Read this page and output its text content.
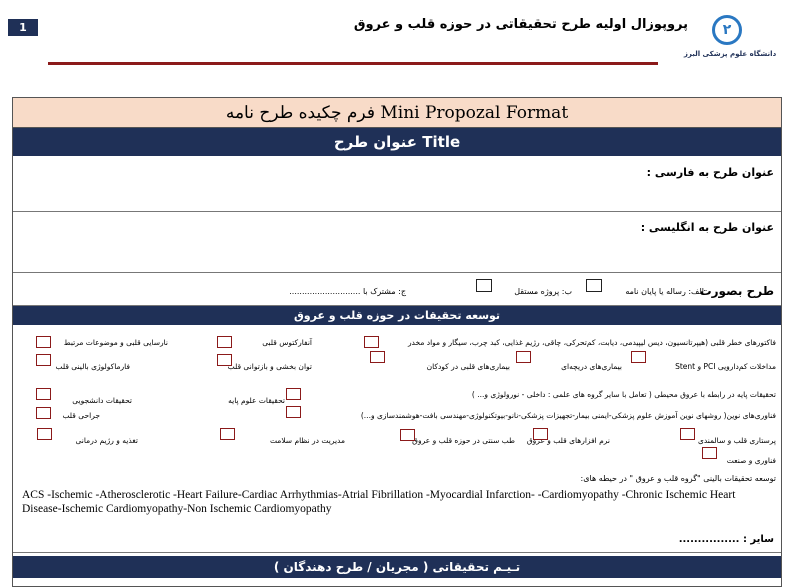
1	پروپوزال اولیه طرح تحقیقاتی در حوزه قلب و عروق	۲
دانشگاه علوم پزشکی البرز
فرم چکیده طرح نامه Mini Propozal Format
عنوان طرح Title
عنوان طرح به فارسی :
عنوان طرح به انگلیسی :
طرح بصورت
الف: رساله یا پایان نامه
ب: پروژه مستقل
ج: مشترک با ............................
توسعه تحقیقات در حوزه قلب و عروق
فاکتورهای خطر قلبی (هیپرتانسیون، دیس لیپیدمی، دیابت، کم‌تحرکی، چاقی، رژیم غذایی، کبد چرب، سیگار و مواد مخدر
آنفارکتوس قلبی
نارسایی قلبی و موضوعات مرتبط
مداخلات کم‌دارویی PCI و Stent
بیماری‌های دریچه‌ای
بیماری‌های قلبی در کودکان
توان بخشی و بازتوانی قلب
فارماکولوژی بالینی قلب
تحقیقات پایه در رابطه با عروق محیطی ( تعامل با سایر گروه های علمی : داخلی - نورولوژی و... )
تحقیقات علوم پایه
تحقیقات دانشجویی
فناوری‌های نوین( روشهای نوین آموزش علوم پزشکی-ایمنی بیمار-تجهیزات پزشکی-نانو-بیوتکنولوژی-مهندسی بافت-هوشمندسازی و...)
جراحی قلب
پرستاری قلب و سالمندی
نرم افزارهای قلب و عروق
طب سنتی در حوزه قلب و عروق
مدیریت در نظام سلامت
تغذیه و رژیم درمانی
فناوری و صنعت
توسعه تحقیقات بالینی "گروه قلب و عروق " در حیطه های:
ACS -Ischemic -Atherosclerotic -Heart Failure-Cardiac Arrhythmias-Atrial Fibrillation -Myocardial Infarction- -Cardiomyopathy -Chronic Ischemic Heart Disease-Ischemic Cardiomyopathy-Non Ischemic Cardiomyopathy
سایر : ................
تـیـم تحقیقاتی ( مجریان / طرح دهندگان )
